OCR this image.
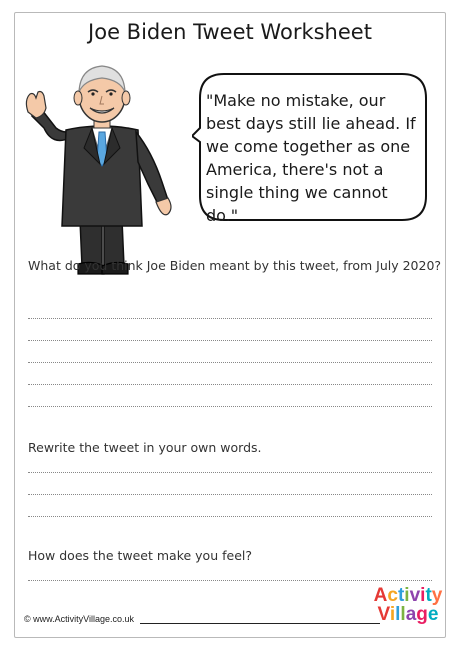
Joe Biden Tweet Worksheet

"Make no mistake, our best days still lie ahead. If we come together as one America, there's not a single thing we cannot do."

What do you think Joe Biden meant by this tweet, from July 2020?

Rewrite the tweet in your own words.

How does the tweet make you feel?

© www.ActivityVillage.co.uk
Activity
Village
